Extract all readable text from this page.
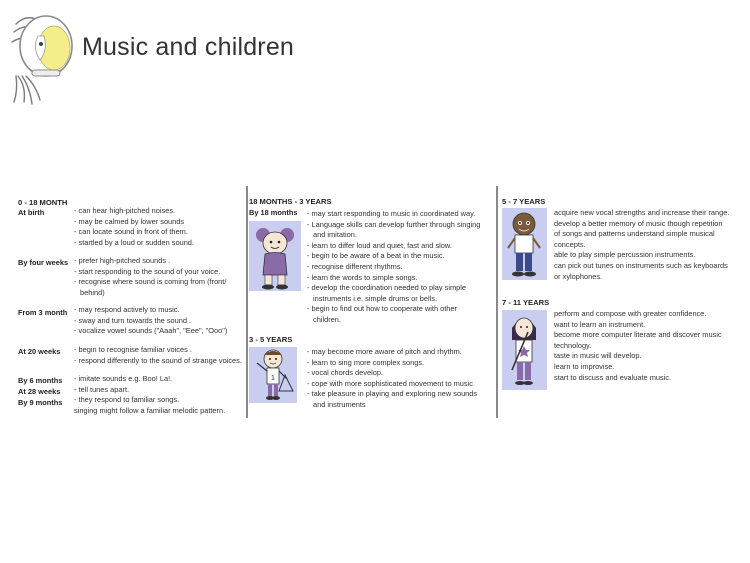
Music and children
0 - 18 MONTH
At birth	- can hear high-pitched noises.
- may be calmed by lower sounds
- can locate sound in front of them.
- startled by a loud or sudden sound.
By four weeks - prefer high-pitched sounds .
- start responding to the sound of your voice.
- recognise where sound is coming from (front/
behind)
From 3 month - may respond actively to music.
- sway and turn towards the sound .
- vocalize vowel sounds ("Aaah", "Eee", "Ooo")
At 20 weeks - begin to recognise familiar voices .
- respond differently to the sound of strange voices.
By 6 months
At 28 weeks
By 9 months
- imitate sounds e.g. Boo! La!.
- tell tunes apart.
- they respond to familiar songs.
singing might follow a familiar melodic pattern.
18 MONTHS - 3 YEARS
By 18 months - may start responding to music in coordinated way.
- Language skills can develop further through singing
and imitation.
- learn to differ loud and quiet, fast and slow.
- begin to be aware of a beat in the music.
- recognise different rhythms.
- learn the words to simple songs.
- develop the coordination needed to play simple
instruments i.e. simple drums or bells.
- begin to find out how to cooperate with other
children.
3 - 5 YEARS
1
- may become more aware of pitch and rhythm.
- learn to sing more complex songs.
- vocal chords develop.
- cope with more sophisticated movement to music
- take pleasure in playing and exploring new sounds
and instruments
5 - 7 YEARS
acquire new vocal strengths and increase their range.
develop a better memory of music though repetition
of songs and patterns understand simple musical
concepts.
able to play simple percussion instruments.
can pick out tunes on instruments such as keyboards
or xylophones.
7 - 11 YEARS
perform and compose with greater confidence.
want to learn an instrument.
become more computer literate and discover music
technology.
taste in music will develop.
learn to improvise.
start to discuss and evaluate music.
